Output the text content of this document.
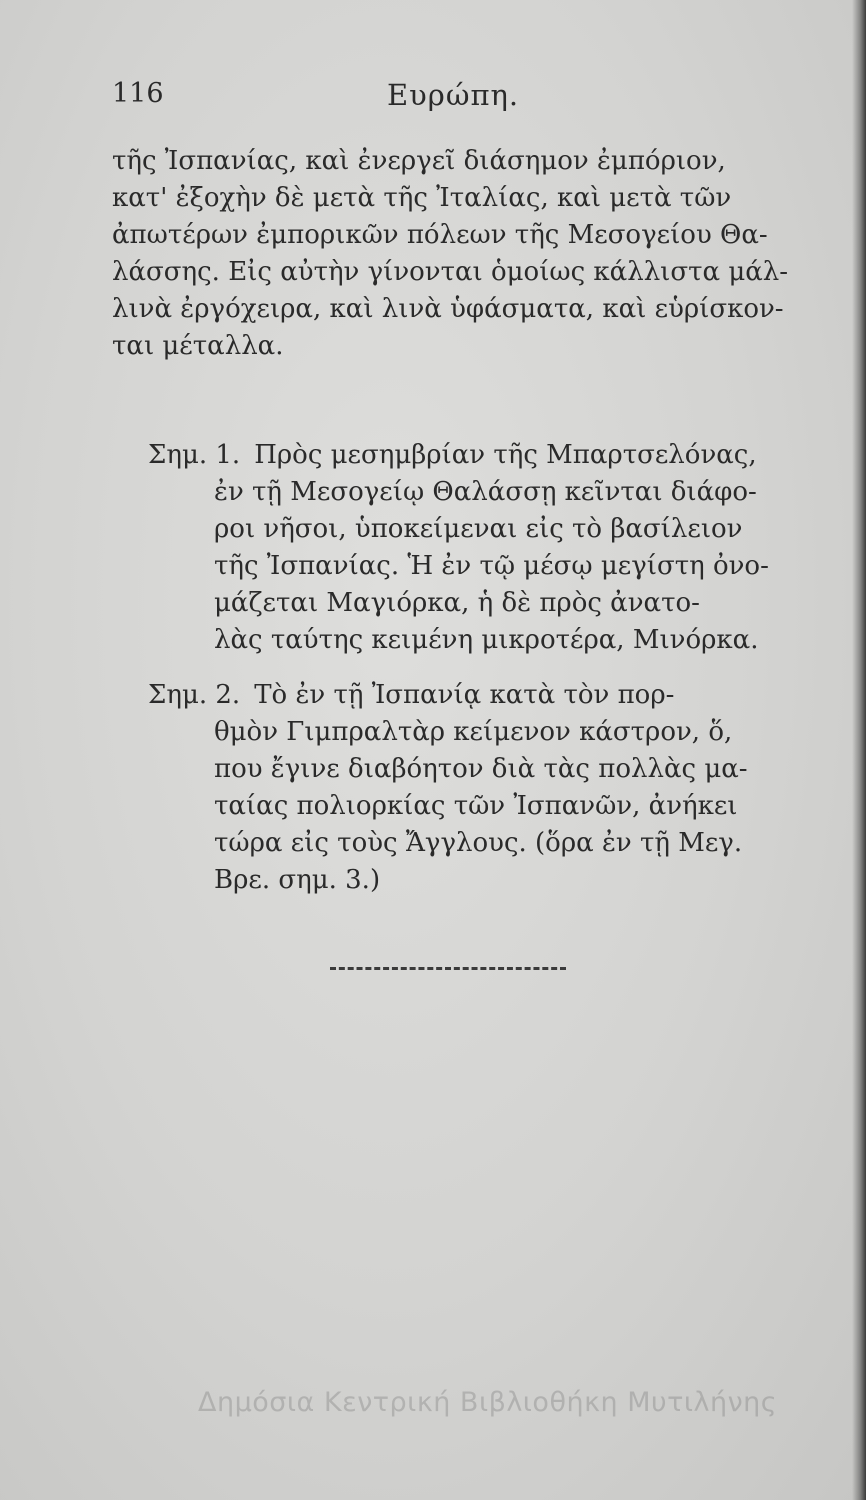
116	Ευρώπη.
τῆς Ἰσπανίας, καὶ ἐνεργεῖ διάσημον ἐμπόριον,
κατ' ἐξοχὴν δὲ μετὰ τῆς Ἰταλίας, καὶ μετὰ τῶν
ἀπωτέρων ἐμπορικῶν πόλεων τῆς Μεσογείου Θα-
λάσσης. Εἰς αὐτὴν γίνονται ὁμοίως κάλλιστα μάλ-
λινὰ ἐργόχειρα, καὶ λινὰ ὑφάσματα, καὶ εὑρίσκον-
ται μέταλλα.
Σημ. 1. Πρὸς μεσημβρίαν τῆς Μπαρτσελόνας,
ἐν τῇ Μεσογείῳ Θαλάσσῃ κεῖνται διάφο-
ροι νῆσοι, ὑποκείμεναι εἰς τὸ βασίλειον
τῆς Ἰσπανίας. Ἡ ἐν τῷ μέσῳ μεγίστη ὀνο-
μάζεται Μαγιόρκα, ἡ δὲ πρὸς ἀνατο-
λὰς ταύτης κειμένη μικροτέρα, Μινόρκα.
Σημ. 2. Τὸ ἐν τῇ Ἰσπανίᾳ κατὰ τὸν πορ-
θμὸν Γιμπραλτὰρ κείμενον κάστρον, ὅ,
που ἔγινε διαβόητον διὰ τὰς πολλὰς μα-
ταίας πολιορκίας τῶν Ἰσπανῶν, ἀνήκει
τώρα εἰς τοὺς Ἄγγλους. (ὅρα ἐν τῇ Μεγ.
Βρε. σημ. 3.)
Δημόσια Κεντρική Βιβλιοθήκη Μυτιλήνης
